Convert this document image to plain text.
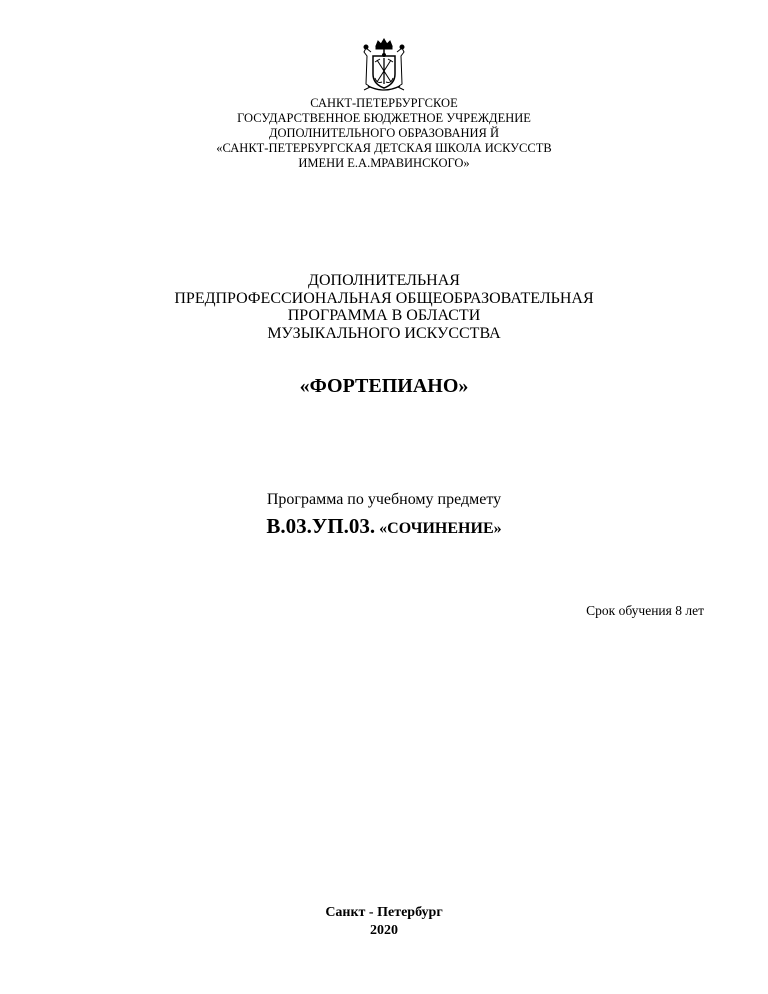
САНКТ-ПЕТЕРБУРГСКОЕ
ГОСУДАРСТВЕННОЕ БЮДЖЕТНОЕ УЧРЕЖДЕНИЕ
ДОПОЛНИТЕЛЬНОГО ОБРАЗОВАНИЯ Й
«САНКТ-ПЕТЕРБУРГСКАЯ ДЕТСКАЯ ШКОЛА ИСКУССТВ
ИМЕНИ Е.А.МРАВИНСКОГО»
ДОПОЛНИТЕЛЬНАЯ
ПРЕДПРОФЕССИОНАЛЬНАЯ ОБЩЕОБРАЗОВАТЕЛЬНАЯ
ПРОГРАММА В ОБЛАСТИ
МУЗЫКАЛЬНОГО ИСКУССТВА
«ФОРТЕПИАНО»
Программа по учебному предмету
В.03.УП.03. «СОЧИНЕНИЕ»
Срок обучения 8 лет
Санкт - Петербург
2020
